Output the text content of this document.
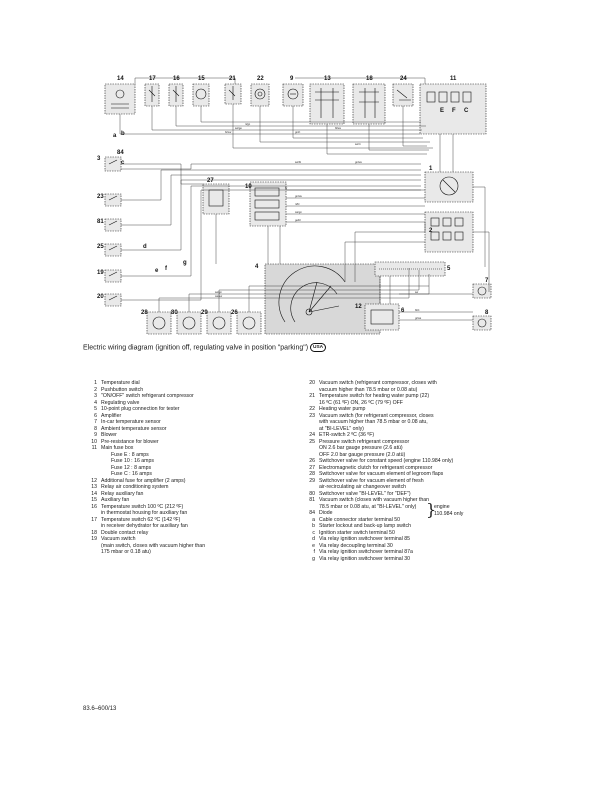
br/sw	gn/rt
sw/ge	bl/ws
rt/gn
sw/rt
sw/bl	gn/ws
br
gn/sw
rt/bl
ws/gn
ge/bl
sw
bl/rt
gr/ws
ws/sw
sw/gn
14	17	16	15	21	22	9	13	18	24	11
3
84
23
81
25
19
20
27
10
1
2
4	5
12
6
7
8
28	80	29	26
a b
c
d
e f
g
E F C
Electric wiring diagram (ignition off, regulating valve in position "parking") USA
1 Temperature dial
2 Pushbutton switch
3 "ON/OFF" switch refrigerant compressor
4 Regulating valve
5 10-point plug connection for tester
6 Amplifier
7 In-car temperature sensor
8 Ambient temperature sensor
9 Blower
10 Pre-resistance for blower
11 Main fuse box
Fuse E : 8 amps
Fuse 10 : 16 amps
Fuse 12 : 8 amps
Fuse C : 16 amps
12 Additional fuse for amplifier (2 amps)
13 Relay air conditioning system
14 Relay auxiliary fan
15 Auxiliary fan
16 Temperature switch 100 ºC (212 ºF)
in thermostat housing for auxiliary fan
17 Temperature switch 62 ºC (142 ºF)
in receiver dehydrator for auxiliary fan
18 Double contact relay
19 Vacuum switch
(main switch, closes with vacuum higher than
175 mbar or 0.18 atu)
20 Vacuum switch (refrigerant compressor, closes with
vacuum higher than 78.5 mbar or 0.08 atu)
21 Temperature switch for heating water pump (22)
16 ºC (61 ºF) ON, 26 ºC (79 ºF) OFF
22 Heating water pump
23 Vacuum switch (for refrigerant compressor, closes
with vacuum higher than 78.5 mbar or 0.08 atu,
at "BI-LEVEL" only)
24 ETR-switch 2 ºC (36 ºF)
25 Pressure switch refrigerant compressor
ON 2.6 bar gauge pressure (2.6 atü)
OFF 2.0 bar gauge pressure (2.0 atü)
26 Switchover valve for constant speed (engine 110.984 only)
27 Electromagnetic clutch for refrigerant compressor
28 Switchover valve for vacuum element of legroom flaps
29 Switchover valve for vacuum element of fresh
air-recirculating air changeover switch
80 Switchover valve "BI-LEVEL" for "DEF")
81 Vacuum switch (closes with vacuum higher than
78.5 mbar or 0.08 atu, at "BI-LEVEL" only)
84 Diode
a Cable connector starter terminal 50
b Starter lockout and back-up lamp switch
c Ignition starter switch terminal 50
d Via relay ignition switchover terminal 85
e Via relay decoupling terminal 30
f Via relay ignition switchover terminal 87a
g Via relay ignition switchover terminal 30
}
engine
110.984 only
83.6–600/13
